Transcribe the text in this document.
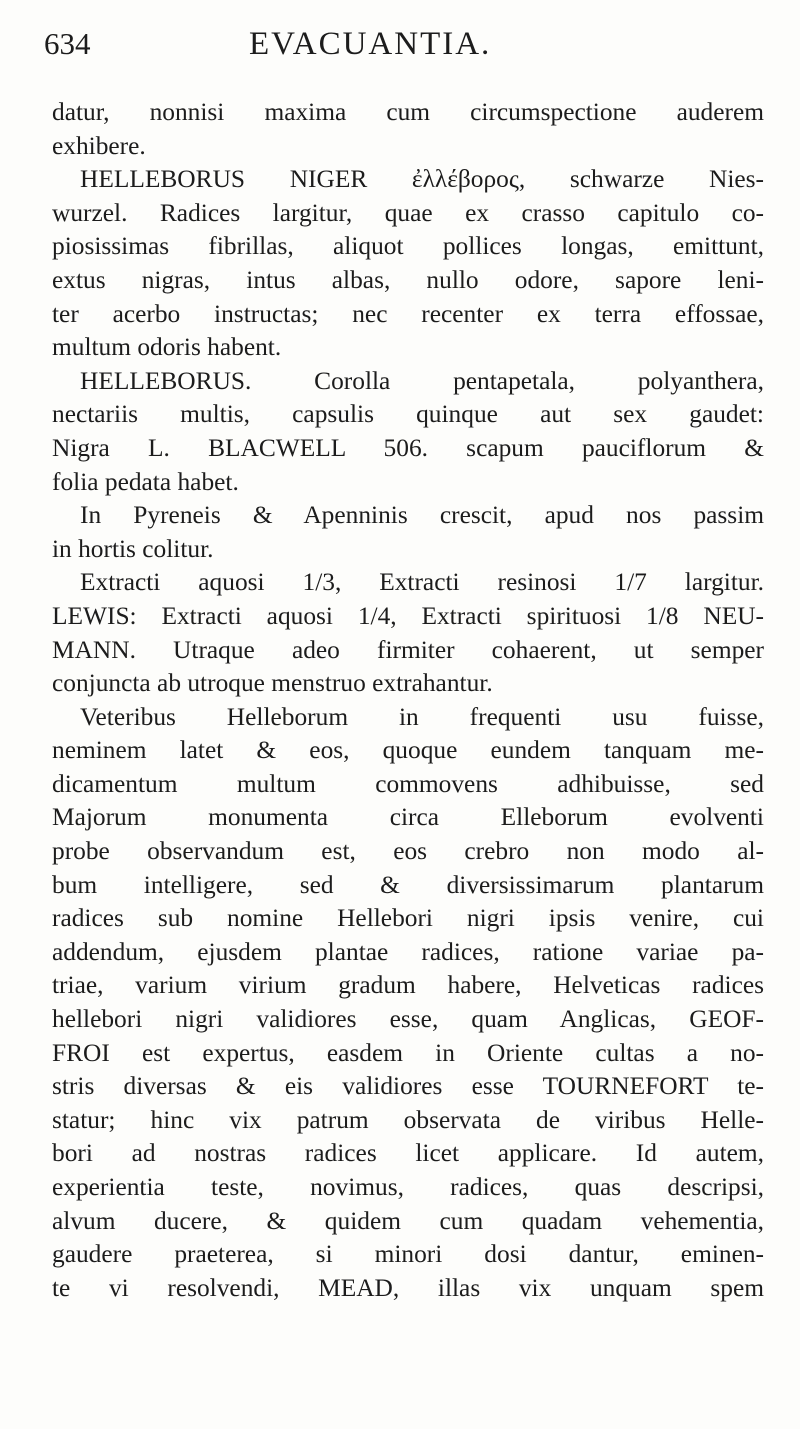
634	EVACUANTIA.
datur, nonnisi maxima cum circumspectione auderem
exhibere.
HELLEBORUS NIGER ἐλλέβορος, schwarze Nies-
wurzel. Radices largitur, quae ex crasso capitulo co-
piosissimas fibrillas, aliquot pollices longas, emittunt,
extus nigras, intus albas, nullo odore, sapore leni-
ter acerbo instructas; nec recenter ex terra effossae,
multum odoris habent.
HELLEBORUS. Corolla pentapetala, polyanthera,
nectariis multis, capsulis quinque aut sex gaudet:
Nigra L. BLACWELL 506. scapum pauciflorum &
folia pedata habet.
In Pyreneis & Apenninis crescit, apud nos passim
in hortis colitur.
Extracti aquosi 1/3, Extracti resinosi 1/7 largitur.
LEWIS: Extracti aquosi 1/4, Extracti spirituosi 1/8 NEU-
MANN. Utraque adeo firmiter cohaerent, ut semper
conjuncta ab utroque menstruo extrahantur.
Veteribus Helleborum in frequenti usu fuisse,
neminem latet & eos, quoque eundem tanquam me-
dicamentum multum commovens adhibuisse, sed
Majorum monumenta circa Elleborum evolventi
probe observandum est, eos crebro non modo al-
bum intelligere, sed & diversissimarum plantarum
radices sub nomine Hellebori nigri ipsis venire, cui
addendum, ejusdem plantae radices, ratione variae pa-
triae, varium virium gradum habere, Helveticas radices
hellebori nigri validiores esse, quam Anglicas, GEOF-
FROI est expertus, easdem in Oriente cultas a no-
stris diversas & eis validiores esse TOURNEFORT te-
statur; hinc vix patrum observata de viribus Helle-
bori ad nostras radices licet applicare. Id autem,
experientia teste, novimus, radices, quas descripsi,
alvum ducere, & quidem cum quadam vehementia,
gaudere praeterea, si minori dosi dantur, eminen-
te vi resolvendi, MEAD, illas vix unquam spem
